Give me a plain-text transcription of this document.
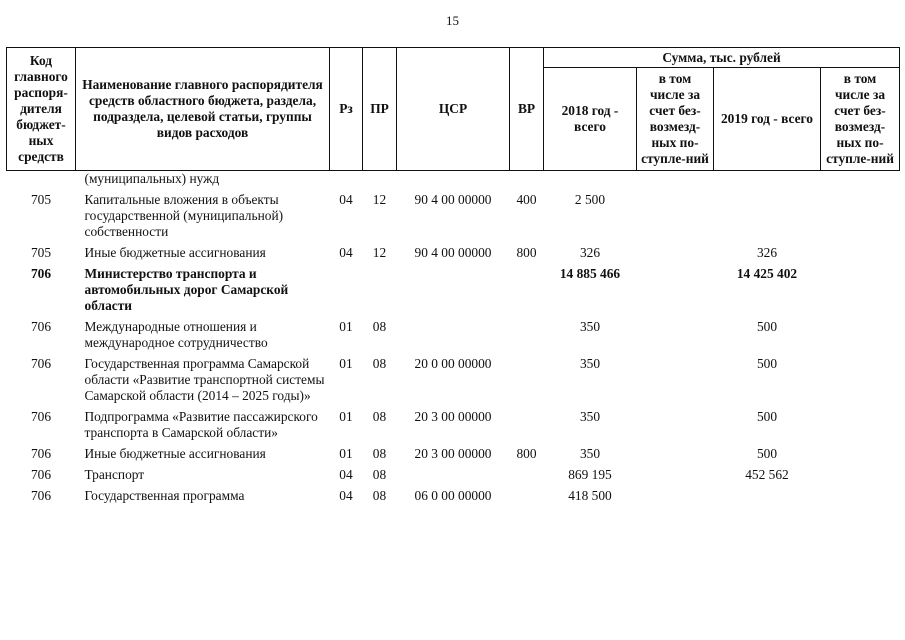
15
Код главного распоря-дителя бюджет-ных средств	Наименование главного распорядителя средств областного бюджета, раздела, подраздела, целевой статьи, группы видов расходов	Рз	ПР	ЦСР	ВР	Сумма, тыс. рублей			
						2018 год - всего	в том числе за счет без-возмезд-ных по-ступле-ний	2019 год - всего	в том числе за счет без-возмезд-ных по-ступле-ний
	(муниципальных) нужд								
705	Капитальные вложения в объекты государственной (муниципальной) собственности	04	12	90 4 00 00000	400	2 500			
705	Иные бюджетные ассигнования	04	12	90 4 00 00000	800	326		326	
706	Министерство транспорта и автомобильных дорог Самарской области					14 885 466		14 425 402	
706	Международные отношения и международное сотрудничество	01	08			350		500	
706	Государственная программа Самарской области «Развитие транспортной системы Самарской области (2014 – 2025 годы)»	01	08	20 0 00 00000		350		500	
706	Подпрограмма «Развитие пассажирского транспорта в Самарской области»	01	08	20 3 00 00000		350		500	
706	Иные бюджетные ассигнования	01	08	20 3 00 00000	800	350		500	
706	Транспорт	04	08			869 195		452 562	
706	Государственная программа	04	08	06 0 00 00000		418 500			
